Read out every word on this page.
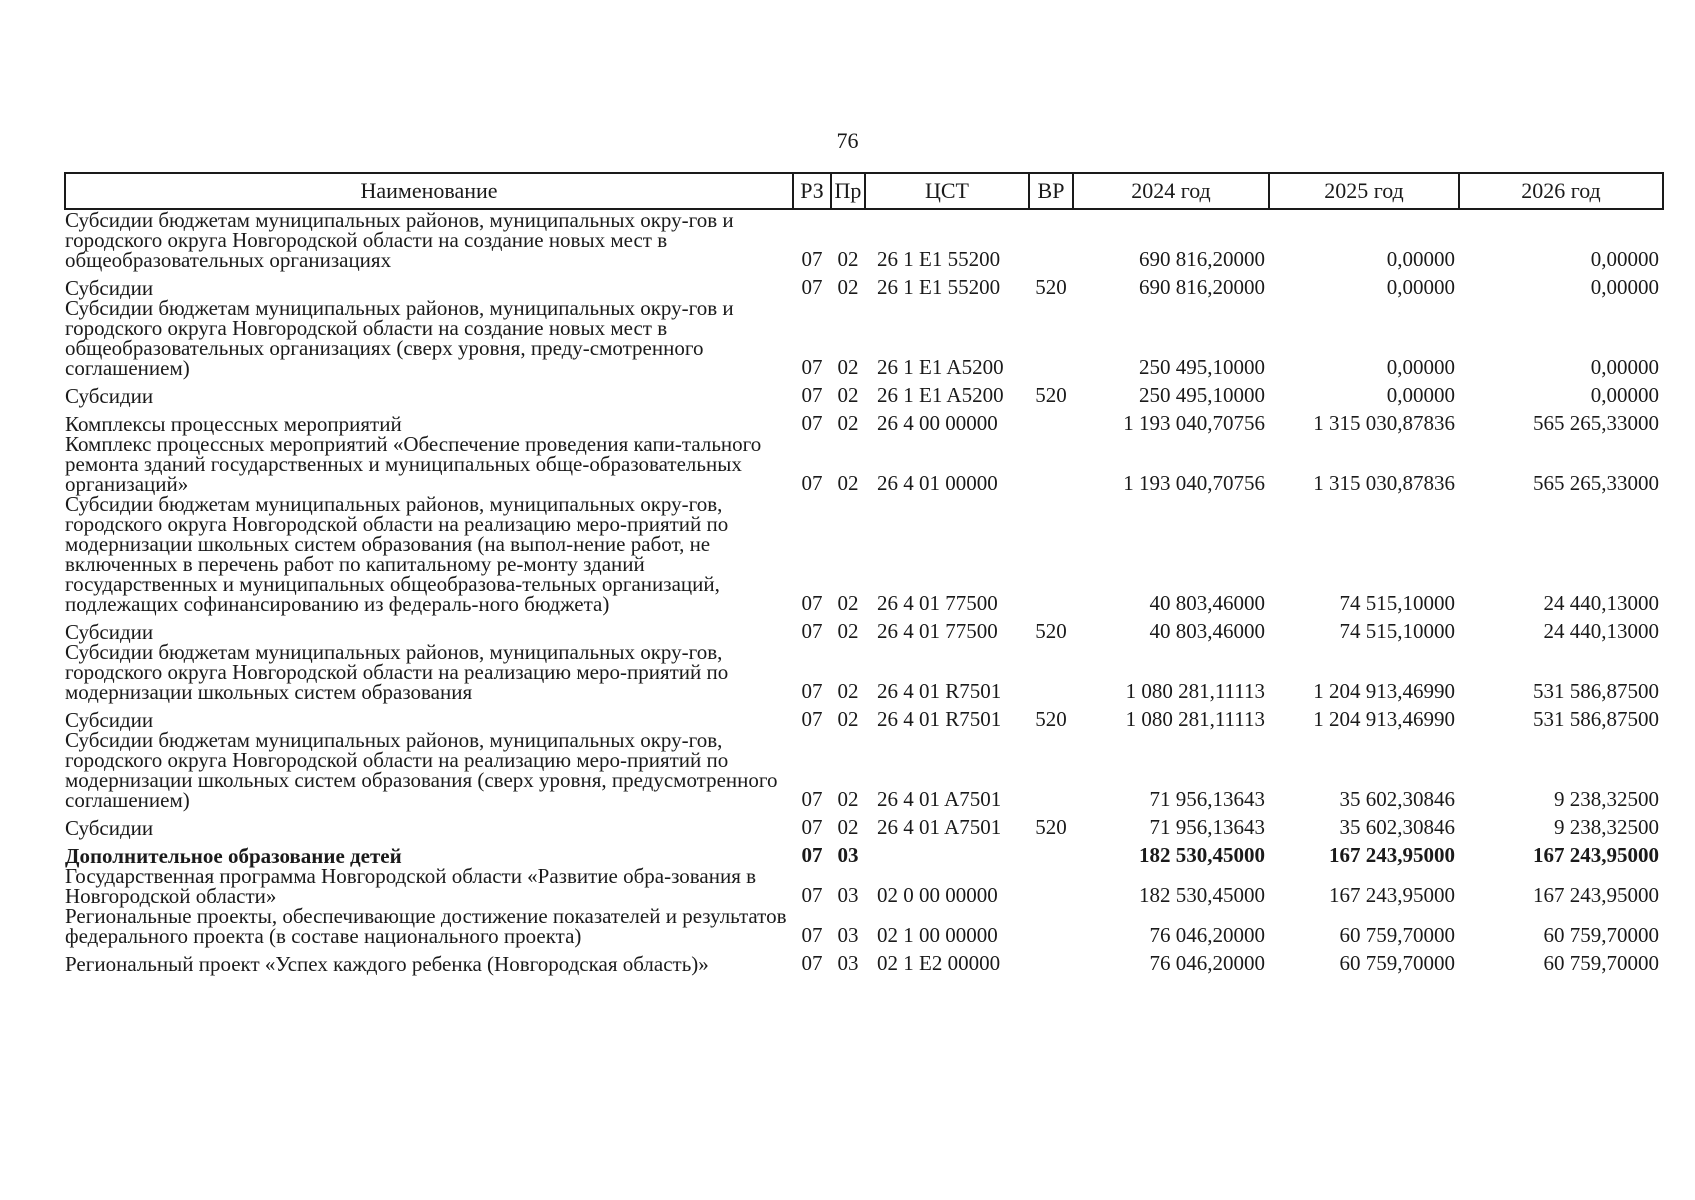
76
Наименование	РЗ	Пр	ЦСТ	ВР	2024 год	2025 год	2026 год
Субсидии бюджетам муниципальных районов, муниципальных окру-гов и городского округа Новгородской области на создание новых мест в общеобразовательных организациях	07	02	26 1 E1 55200		690 816,20000	0,00000	0,00000
Субсидии	07	02	26 1 E1 55200	520	690 816,20000	0,00000	0,00000
Субсидии бюджетам муниципальных районов, муниципальных окру-гов и городского округа Новгородской области на создание новых мест в общеобразовательных организациях (сверх уровня, преду-смотренного соглашением)	07	02	26 1 E1 A5200		250 495,10000	0,00000	0,00000
Субсидии	07	02	26 1 E1 A5200	520	250 495,10000	0,00000	0,00000
Комплексы процессных мероприятий	07	02	26 4 00 00000		1 193 040,70756	1 315 030,87836	565 265,33000
Комплекс процессных мероприятий «Обеспечение проведения капи-тального ремонта зданий государственных и муниципальных обще-образовательных организаций»	07	02	26 4 01 00000		1 193 040,70756	1 315 030,87836	565 265,33000
Субсидии бюджетам муниципальных районов, муниципальных окру-гов, городского округа Новгородской области на реализацию меро-приятий по модернизации школьных систем образования (на выпол-нение работ, не включенных в перечень работ по капитальному ре-монту зданий государственных и муниципальных общеобразова-тельных организаций, подлежащих софинансированию из федераль-ного бюджета)	07	02	26 4 01 77500		40 803,46000	74 515,10000	24 440,13000
Субсидии	07	02	26 4 01 77500	520	40 803,46000	74 515,10000	24 440,13000
Субсидии бюджетам муниципальных районов, муниципальных окру-гов, городского округа Новгородской области на реализацию меро-приятий по модернизации школьных систем образования	07	02	26 4 01 R7501		1 080 281,11113	1 204 913,46990	531 586,87500
Субсидии	07	02	26 4 01 R7501	520	1 080 281,11113	1 204 913,46990	531 586,87500
Субсидии бюджетам муниципальных районов, муниципальных окру-гов, городского округа Новгородской области на реализацию меро-приятий по модернизации школьных систем образования (сверх уровня, предусмотренного соглашением)	07	02	26 4 01 A7501		71 956,13643	35 602,30846	9 238,32500
Субсидии	07	02	26 4 01 A7501	520	71 956,13643	35 602,30846	9 238,32500
Дополнительное образование детей	07	03			182 530,45000	167 243,95000	167 243,95000
Государственная программа Новгородской области «Развитие обра-зования в Новгородской области»	07	03	02 0 00 00000		182 530,45000	167 243,95000	167 243,95000
Региональные проекты, обеспечивающие достижение показателей и результатов федерального проекта (в составе национального проекта)	07	03	02 1 00 00000		76 046,20000	60 759,70000	60 759,70000
Региональный проект «Успех каждого ребенка (Новгородская область)»	07	03	02 1 E2 00000		76 046,20000	60 759,70000	60 759,70000
